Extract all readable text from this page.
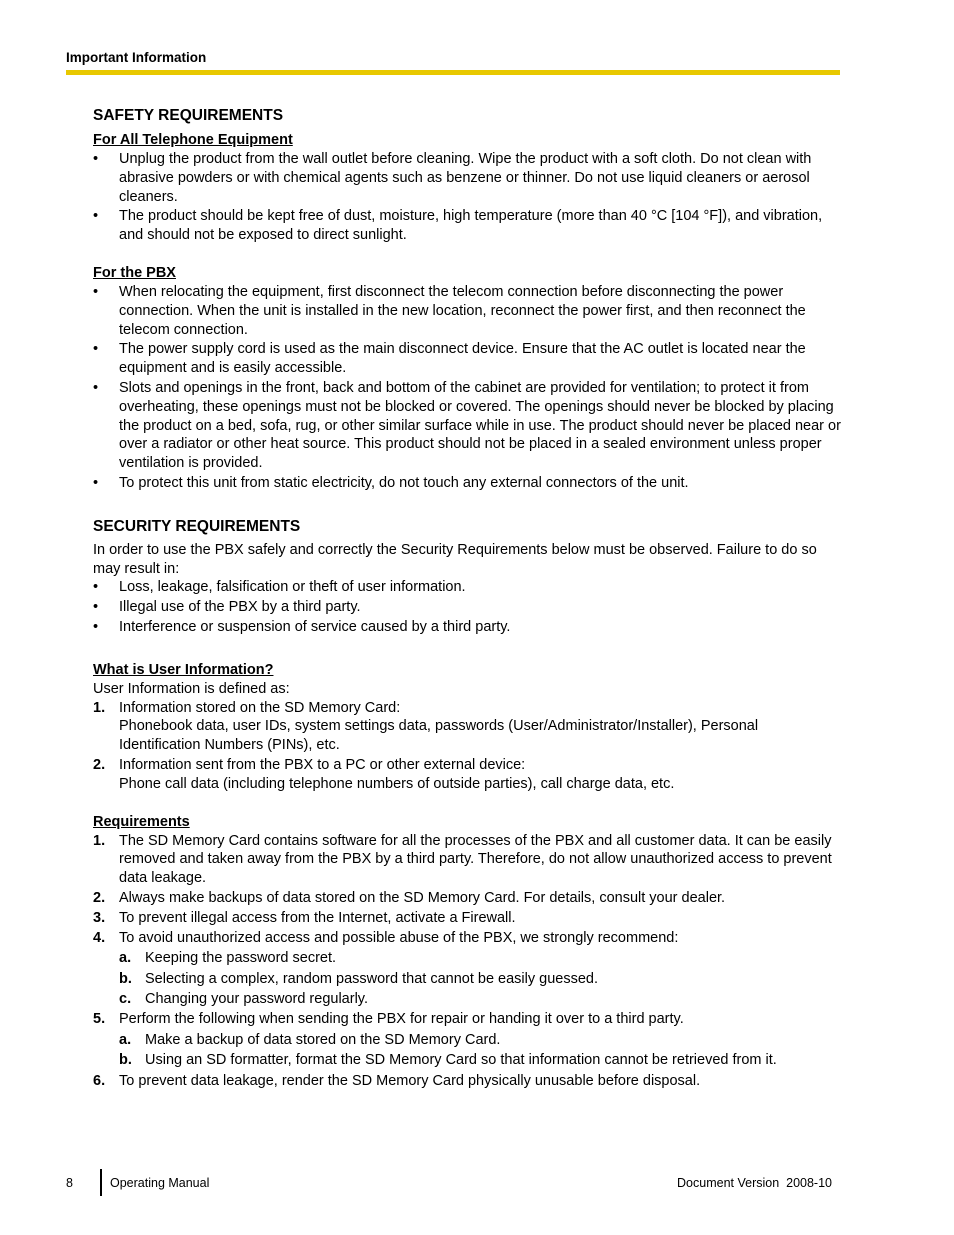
Important Information
SAFETY REQUIREMENTS
For All Telephone Equipment
• Unplug the product from the wall outlet before cleaning. Wipe the product with a soft cloth. Do not clean with abrasive powders or with chemical agents such as benzene or thinner. Do not use liquid cleaners or aerosol cleaners.
• The product should be kept free of dust, moisture, high temperature (more than 40 °C [104 °F]), and vibration, and should not be exposed to direct sunlight.
For the PBX
• When relocating the equipment, first disconnect the telecom connection before disconnecting the power connection. When the unit is installed in the new location, reconnect the power first, and then reconnect the telecom connection.
• The power supply cord is used as the main disconnect device. Ensure that the AC outlet is located near the equipment and is easily accessible.
• Slots and openings in the front, back and bottom of the cabinet are provided for ventilation; to protect it from overheating, these openings must not be blocked or covered. The openings should never be blocked by placing the product on a bed, sofa, rug, or other similar surface while in use. The product should never be placed near or over a radiator or other heat source. This product should not be placed in a sealed environment unless proper ventilation is provided.
• To protect this unit from static electricity, do not touch any external connectors of the unit.
SECURITY REQUIREMENTS

In order to use the PBX safely and correctly the Security Requirements below must be observed. Failure to do so may result in:

• Loss, leakage, falsification or theft of user information.
• Illegal use of the PBX by a third party.
• Interference or suspension of service caused by a third party.
What is User Information?

User Information is defined as:

1. Information stored on the SD Memory Card:
Phonebook data, user IDs, system settings data, passwords (User/Administrator/Installer), Personal Identification Numbers (PINs), etc.
2. Information sent from the PBX to a PC or other external device:
Phone call data (including telephone numbers of outside parties), call charge data, etc.
Requirements
1. The SD Memory Card contains software for all the processes of the PBX and all customer data. It can be easily removed and taken away from the PBX by a third party. Therefore, do not allow unauthorized access to prevent data leakage.
2. Always make backups of data stored on the SD Memory Card. For details, consult your dealer.
3. To prevent illegal access from the Internet, activate a Firewall.
4. To avoid unauthorized access and possible abuse of the PBX, we strongly recommend:
a. Keeping the password secret.
b. Selecting a complex, random password that cannot be easily guessed.
c. Changing your password regularly.
5. Perform the following when sending the PBX for repair or handing it over to a third party.
a. Make a backup of data stored on the SD Memory Card.
b. Using an SD formatter, format the SD Memory Card so that information cannot be retrieved from it.
6. To prevent data leakage, render the SD Memory Card physically unusable before disposal.
8	Operating Manual	Document Version  2008-10
